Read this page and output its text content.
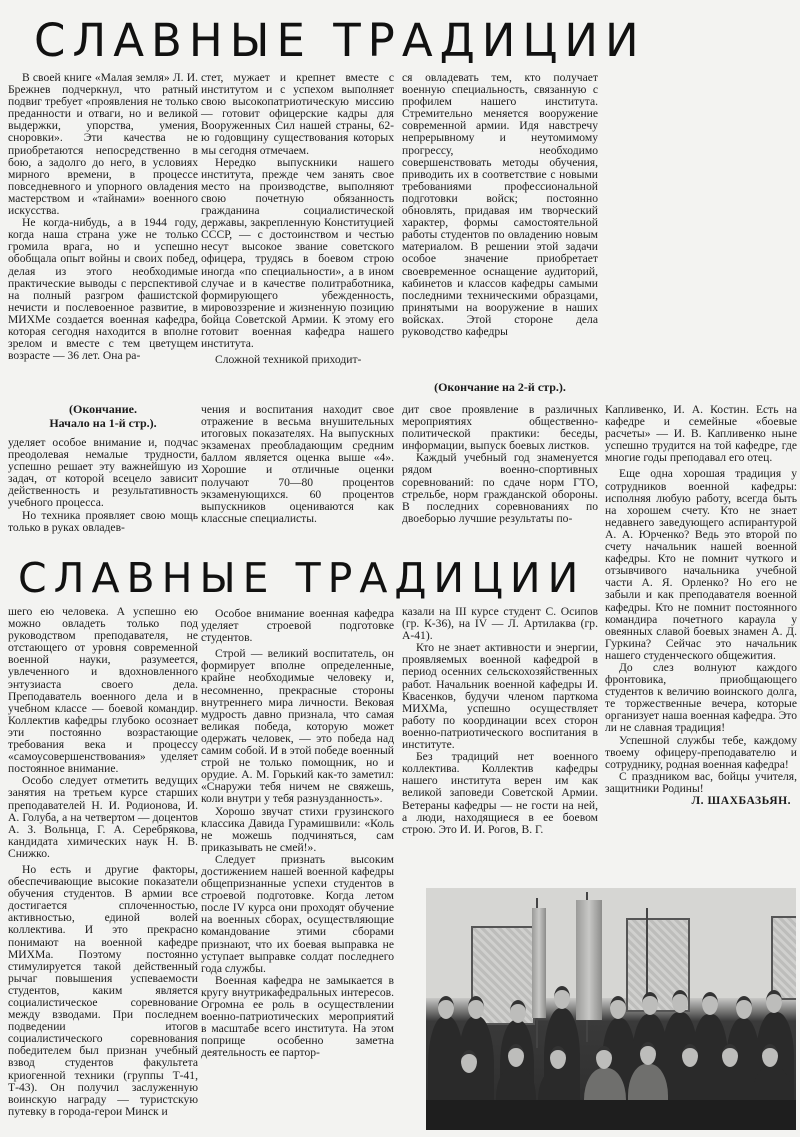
СЛАВНЫЕ ТРАДИЦИИ

В своей книге «Малая земля» Л. И. Брежнев подчеркнул, что ратный подвиг требует «проявления не только преданности и отваги, но и великой выдержки, упорства, умения, сноровки». Эти качества не приобретаются непосредственно в бою, а задолго до него, в условиях мирного времени, в процессе повседневного и упорного овладения мастерством и «тайнами» военного искусства.

Не когда-нибудь, а в 1944 году, когда наша страна уже не только громила врага, но и успешно обобщала опыт войны и своих побед, делая из этого необходимые практические выводы с перспективой на полный разгром фашистской нечисти и послевоенное развитие, в МИХМе создается военная кафедра, которая сегодня находится в вполне зрелом и вместе с тем цветущем возрасте — 36 лет. Она ра-

стет, мужает и крепнет вместе с институтом и с успехом выполняет свою высокопатриотическую миссию — готовит офицерские кадры для Вооруженных Сил нашей страны, 62-ю годовщину существования которых мы сегодня отмечаем.

Нередко выпускники нашего института, прежде чем занять свое место на производстве, выполняют свою почетную обязанность гражданина социалистической державы, закрепленную Конституцией СССР, — с достоинством и честью несут высокое звание советского офицера, трудясь в боевом строю иногда «по специальности», а в ином случае и в качестве политработника, формирующего убежденность, мировоззрение и жизненную позицию бойца Советской Армии. К этому его готовит военная кафедра нашего института.

Сложной техникой приходит-

ся овладевать тем, кто получает военную специальность, связанную с профилем нашего института. Стремительно меняется вооружение современной армии. Идя навстречу непрерывному и неутомимому прогрессу, необходимо совершенствовать методы обучения, приводить их в соответствие с новыми требованиями профессиональной подготовки войск; постоянно обновлять, придавая им творческий характер, формы самостоятельной работы студентов по овладению новым материалом. В решении этой задачи особое значение приобретает своевременное оснащение аудиторий, кабинетов и классов кафедры самыми последними техническими образцами, принятыми на вооружение в наших войсках. Этой стороне дела руководство кафедры

(Окончание на 2-й стр.).
(Окончание.
Начало на 1-й стр.).

уделяет особое внимание и, подчас преодолевая немалые трудности, успешно решает эту важнейшую из задач, от которой всецело зависит действенность и результативность учебного процесса.

Но техника проявляет свою мощь только в руках овладев-

чения и воспитания находит свое отражение в весьма внушительных итоговых показателях. На выпускных экзаменах преобладающим средним баллом является оценка выше «4». Хорошие и отличные оценки получают 70—80 процентов экзаменующихся. 60 процентов выпускников оцениваются как классные специалисты.

дит свое проявление в различных мероприятиях общественно-политической практики: беседы, информации, выпуск боевых листков.

Каждый учебный год знаменуется рядом военно-спортивных соревнований: по сдаче норм ГТО, стрельбе, норм гражданской обороны. В последних соревнованиях по двоеборью лучшие результаты по-

Капливенко, И. А. Костин. Есть на кафедре и семейные «боевые расчеты» — И. В. Капливенко ныне успешно трудится на той кафедре, где многие годы преподавал его отец.

Еще одна хорошая традиция у сотрудников военной кафедры: исполняя любую работу, всегда быть на хорошем счету. Кто не знает недавнего заведующего аспирантурой А. А. Юрченко? Ведь это второй по счету начальник нашей военной кафедры. Кто не помнит чуткого и отзывчивого начальника учебной части А. Я. Орленко? Но его не забыли и как преподавателя военной кафедры. Кто не помнит постоянного командира почетного караула у овеянных славой боевых знамен А. Д. Гуркина? Сейчас это начальник нашего студенческого общежития.

До слез волнуют каждого фронтовика, приобщающего студентов к величию воинского долга, те торжественные вечера, которые организует наша военная кафедра. Это ли не славная традиция!

Успешной службы тебе, каждому твоему офицеру-преподавателю и сотруднику, родная военная кафедра!

С праздником вас, бойцы учителя, защитники Родины!

Л. ШАХБАЗЬЯН.
СЛАВНЫЕ ТРАДИЦИИ

шего ею человека. А успешно ею можно овладеть только под руководством преподавателя, не отстающего от уровня современной военной науки, разумеется, увлеченного и вдохновленного энтузиаста своего дела. Преподаватель военного дела и в учебном классе — боевой командир. Коллектив кафедры глубоко осознает эти постоянно возрастающие требования века и процессу «самоусовершенствования» уделяет постоянное внимание.

Особо следует отметить ведущих занятия на третьем курсе старших преподавателей Н. И. Родионова, И. А. Голуба, а на четвертом — доцентов А. З. Вольнца, Г. А. Серебрякова, кандидата химических наук Н. В. Снижко.

Но есть и другие факторы, обеспечивающие высокие показатели обучения студентов. В армии все достигается сплоченностью, активностью, единой волей коллектива. И это прекрасно понимают на военной кафедре МИХМа. Поэтому постоянно стимулируется такой действенный рычаг повышения успеваемости студентов, каким является социалистическое соревнование между взводами. При последнем подведении итогов социалистического соревнования победителем был признан учебный взвод студентов факультета криогенной техники (группы Т-41, Т-43). Он получил заслуженную воинскую награду — туристскую путевку в города-герои Минск и

Особое внимание военная кафедра уделяет строевой подготовке студентов.

Строй — великий воспитатель, он формирует вполне определенные, крайне необходимые человеку и, несомненно, прекрасные стороны внутреннего мира личности. Вековая мудрость давно признала, что самая великая победа, которую может одержать человек, — это победа над самим собой. И в этой победе военный строй не только помощник, но и орудие. А. М. Горький как-то заметил: «Снаружи тебя ничем не свяжешь, коли внутри у тебя разнузданность».

Хорошо звучат стихи грузинского классика Давида Гурамишвили: «Коль не можешь подчиняться, сам приказывать не смей!».

Следует признать высоким достижением нашей военной кафедры общепризнанные успехи студентов в строевой подготовке. Когда летом после IV курса они проходят обучение на военных сборах, осуществляющие командование этими сборами признают, что их боевая выправка не уступает выправке солдат последнего года службы.

Военная кафедра не замыкается в кругу внутрикафедральных интересов. Огромна ее роль в осуществлении военно-патриотических мероприятий в масштабе всего института. На этом поприще особенно заметна деятельность ее партор-

казали на III курсе студент С. Осипов (гр. К-36), на IV — Л. Артилаква (гр. А-41).

Кто не знает активности и энергии, проявляемых военной кафедрой в период осенних сельскохозяйственных работ. Начальник военной кафедры И. Квасенков, будучи членом парткома МИХМа, успешно осуществляет работу по координации всех сторон военно-патриотического воспитания в институте.

Без традиций нет военного коллектива. Коллектив кафедры нашего института верен им как великой заповеди Советской Армии. Ветераны кафедры — не гости на ней, а люди, находящиеся в ее боевом строю. Это И. И. Рогов, В. Г.
